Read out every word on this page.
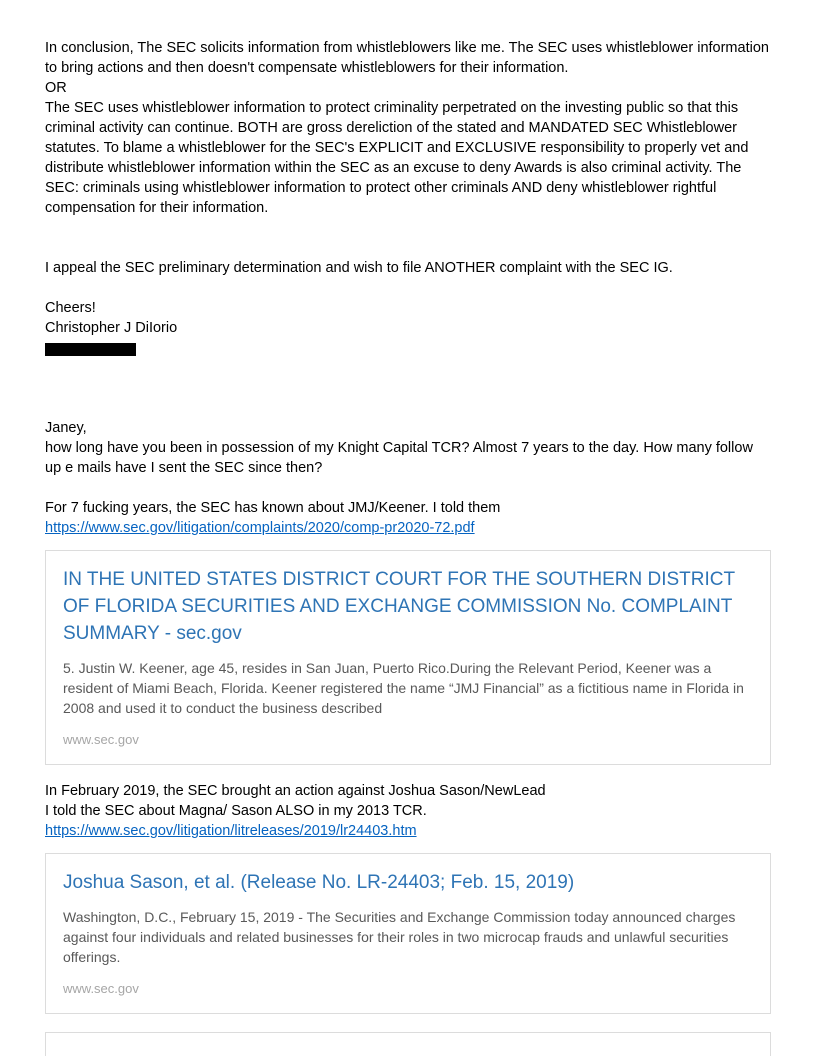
In conclusion, The SEC solicits information from whistleblowers like me. The SEC uses whistleblower information to bring actions and then doesn't compensate whistleblowers for their information.

OR

The SEC uses whistleblower information to protect criminality perpetrated on the investing public so that this criminal activity can continue. BOTH are gross dereliction of the stated and MANDATED SEC Whistleblower statutes. To blame a whistleblower for the SEC's EXPLICIT and EXCLUSIVE responsibility to properly vet and distribute whistleblower information within the SEC as an excuse to deny Awards is also criminal activity. The SEC: criminals using whistleblower information to protect other criminals AND deny whistleblower rightful compensation for their information.

I appeal the SEC preliminary determination and wish to file ANOTHER complaint with the SEC IG.

Cheers!

Christopher J DiIorio

Janey,

how long have you been in possession of my Knight Capital TCR? Almost 7 years to the day. How many follow up e mails have I sent the SEC since then?

For 7 fucking years, the SEC has known about JMJ/Keener. I told them

https://www.sec.gov/litigation/complaints/2020/comp-pr2020-72.pdf

IN THE UNITED STATES DISTRICT COURT FOR THE SOUTHERN DISTRICT OF FLORIDA SECURITIES AND EXCHANGE COMMISSION No. COMPLAINT SUMMARY - sec.gov
5. Justin W. Keener, age 45, resides in San Juan, Puerto Rico.During the Relevant Period, Keener was a resident of Miami Beach, Florida. Keener registered the name “JMJ Financial” as a fictitious name in Florida in 2008 and used it to conduct the business described
www.sec.gov

In February 2019, the SEC brought an action against Joshua Sason/NewLead

I told the SEC about Magna/ Sason ALSO in my 2013 TCR.

https://www.sec.gov/litigation/litreleases/2019/lr24403.htm

Joshua Sason, et al. (Release No. LR-24403; Feb. 15, 2019)
Washington, D.C., February 15, 2019 - The Securities and Exchange Commission today announced charges against four individuals and related businesses for their roles in two microcap frauds and unlawful securities offerings.
www.sec.gov
